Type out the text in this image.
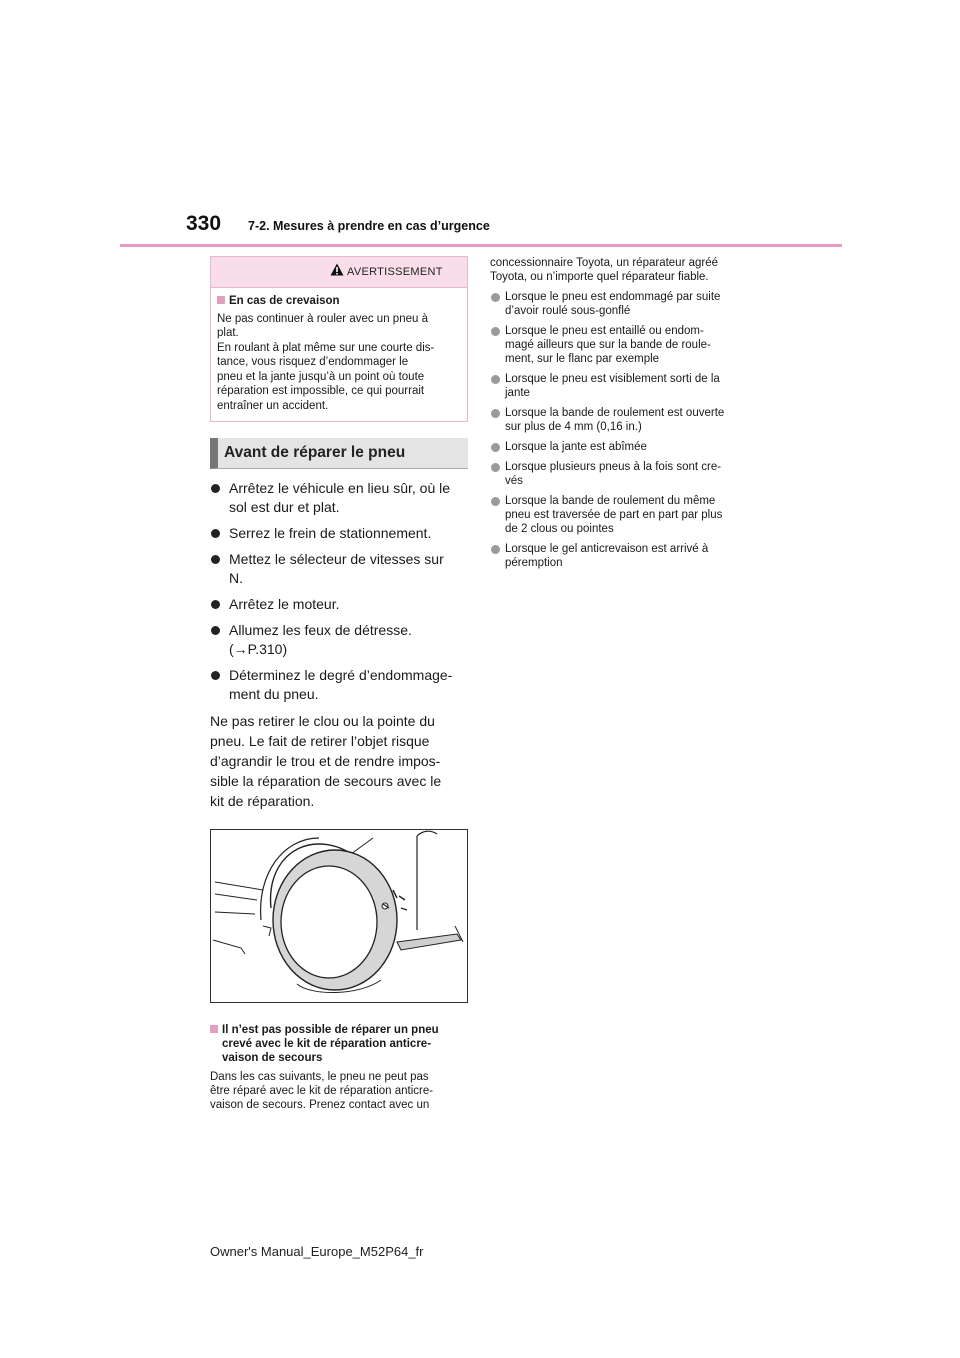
330 7-2. Mesures à prendre en cas d’urgence
AVERTISSEMENT

En cas de crevaison

Ne pas continuer à rouler avec un pneu à
plat.
En roulant à plat même sur une courte dis-
tance, vous risquez d’endommager le
pneu et la jante jusqu’à un point où toute
réparation est impossible, ce qui pourrait
entraîner un accident.

Avant de réparer le pneu
Arrêtez le véhicule en lieu sûr, où le
sol est dur et plat.
Serrez le frein de stationnement.
Mettez le sélecteur de vitesses sur
N.
Arrêtez le moteur.
Allumez les feux de détresse.
(→P.310)
Déterminez le degré d’endommage-
ment du pneu.

Ne pas retirer le clou ou la pointe du
pneu. Le fait de retirer l’objet risque
d’agrandir le trou et de rendre impos-
sible la réparation de secours avec le
kit de réparation.

Il n’est pas possible de réparer un pneu
crevé avec le kit de réparation anticre-
vaison de secours

Dans les cas suivants, le pneu ne peut pas
être réparé avec le kit de réparation anticre-
vaison de secours. Prenez contact avec un

concessionnaire Toyota, un réparateur agréé
Toyota, ou n’importe quel réparateur fiable.

Lorsque le pneu est endommagé par suite
d’avoir roulé sous-gonflé
Lorsque le pneu est entaillé ou endom-
magé ailleurs que sur la bande de roule-
ment, sur le flanc par exemple
Lorsque le pneu est visiblement sorti de la
jante
Lorsque la bande de roulement est ouverte
sur plus de 4 mm (0,16 in.)
Lorsque la jante est abîmée
Lorsque plusieurs pneus à la fois sont cre-
vés
Lorsque la bande de roulement du même
pneu est traversée de part en part par plus
de 2 clous ou pointes
Lorsque le gel anticrevaison est arrivé à
péremption
Owner's Manual_Europe_M52P64_fr
